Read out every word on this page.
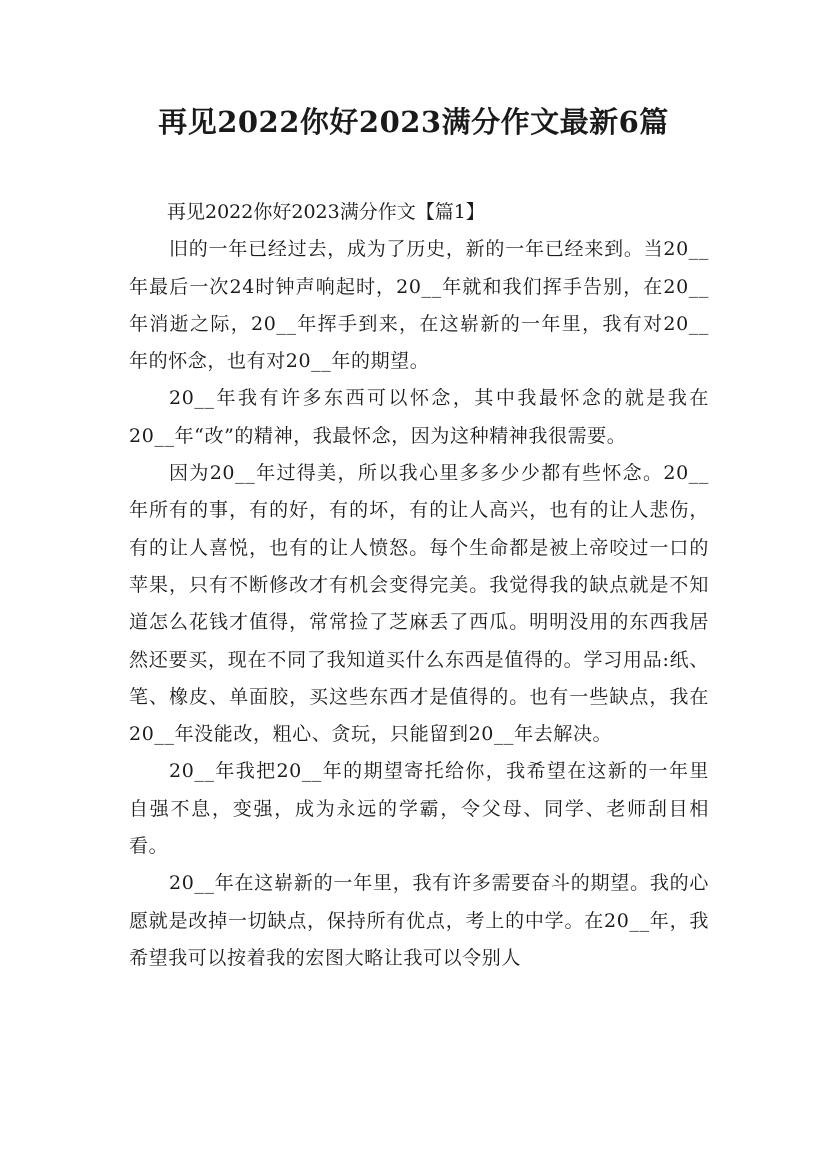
再见2022你好2023满分作文最新6篇
再见2022你好2023满分作文【篇1】

旧的一年已经过去，成为了历史，新的一年已经来到。当20__年最后一次24时钟声响起时，20__年就和我们挥手告别，在20__年消逝之际，20__年挥手到来，在这崭新的一年里，我有对20__年的怀念，也有对20__年的期望。

20__年我有许多东西可以怀念，其中我最怀念的就是我在20__年“改”的精神，我最怀念，因为这种精神我很需要。

因为20__年过得美，所以我心里多多少少都有些怀念。20__年所有的事，有的好，有的坏，有的让人高兴，也有的让人悲伤，有的让人喜悦，也有的让人愤怒。每个生命都是被上帝咬过一口的苹果，只有不断修改才有机会变得完美。我觉得我的缺点就是不知道怎么花钱才值得，常常捡了芝麻丢了西瓜。明明没用的东西我居然还要买，现在不同了我知道买什么东西是值得的。学习用品:纸、笔、橡皮、单面胶，买这些东西才是值得的。也有一些缺点，我在20__年没能改，粗心、贪玩，只能留到20__年去解决。

20__年我把20__年的期望寄托给你，我希望在这新的一年里自强不息，变强，成为永远的学霸，令父母、同学、老师刮目相看。

20__年在这崭新的一年里，我有许多需要奋斗的期望。我的心愿就是改掉一切缺点，保持所有优点，考上的中学。在20__年，我希望我可以按着我的宏图大略让我可以令别人
